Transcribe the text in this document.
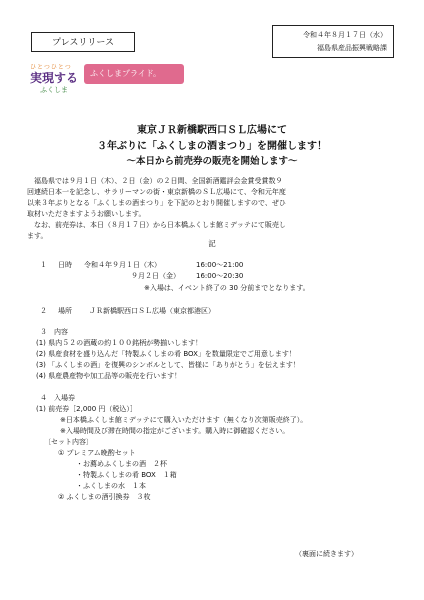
プレスリリース
令和４年８月１７日（水）
福島県産品振興戦略課
ひとつひとつ
実現する
ふくしま
ふくしまプライド。
東京ＪＲ新橋駅西口ＳＬ広場にて
３年ぶりに「ふくしまの酒まつり」を開催します！
～本日から前売券の販売を開始します～
　福島県では９月１日（木）、２日（金）の２日間、全国新酒鑑評会金賞受賞数９
回連続日本一を記念し、サラリーマンの街・東京新橋のＳＬ広場にて、令和元年度
以来３年ぶりとなる「ふくしまの酒まつり」を下記のとおり開催しますので、ぜひ
取材いただきますようお願いします。
　なお、前売券は、本日（８月１７日）から日本橋ふくしま館ミデッテにて販売し
ます。
記
１ 日時 令和４年９月１日（木）	16:00～21:00
９月２日（金） 16:00～20:30
※入場は、イベント終了の 30 分前までとなります。
２ 場所 ＪＲ新橋駅西口ＳＬ広場（東京都港区）
３　内容
(1) 県内５２の酒蔵の約１００銘柄が勢揃いします！
(2) 県産食材を盛り込んだ「特製ふくしまの肴 BOX」を数量限定でご用意します！
(3) 「ふくしまの酒」を復興のシンボルとして、皆様に「ありがとう」を伝えます！
(4) 県産農産物や加工品等の販売を行います！
４　入場券
(1) 前売券［2,000 円（税込）］
※日本橋ふくしま館ミデッテにて購入いただけます（無くなり次第販売終了）。
※入場時間及び滞在時間の指定がございます。購入時に御確認ください。
〔セット内容〕
① プレミアム晩酌セット
・お薦めふくしまの酒　２杯
・特製ふくしまの肴 BOX　１箱
・ふくしまの水　１本
② ふくしまの酒引換券　３枚
（裏面に続きます）
